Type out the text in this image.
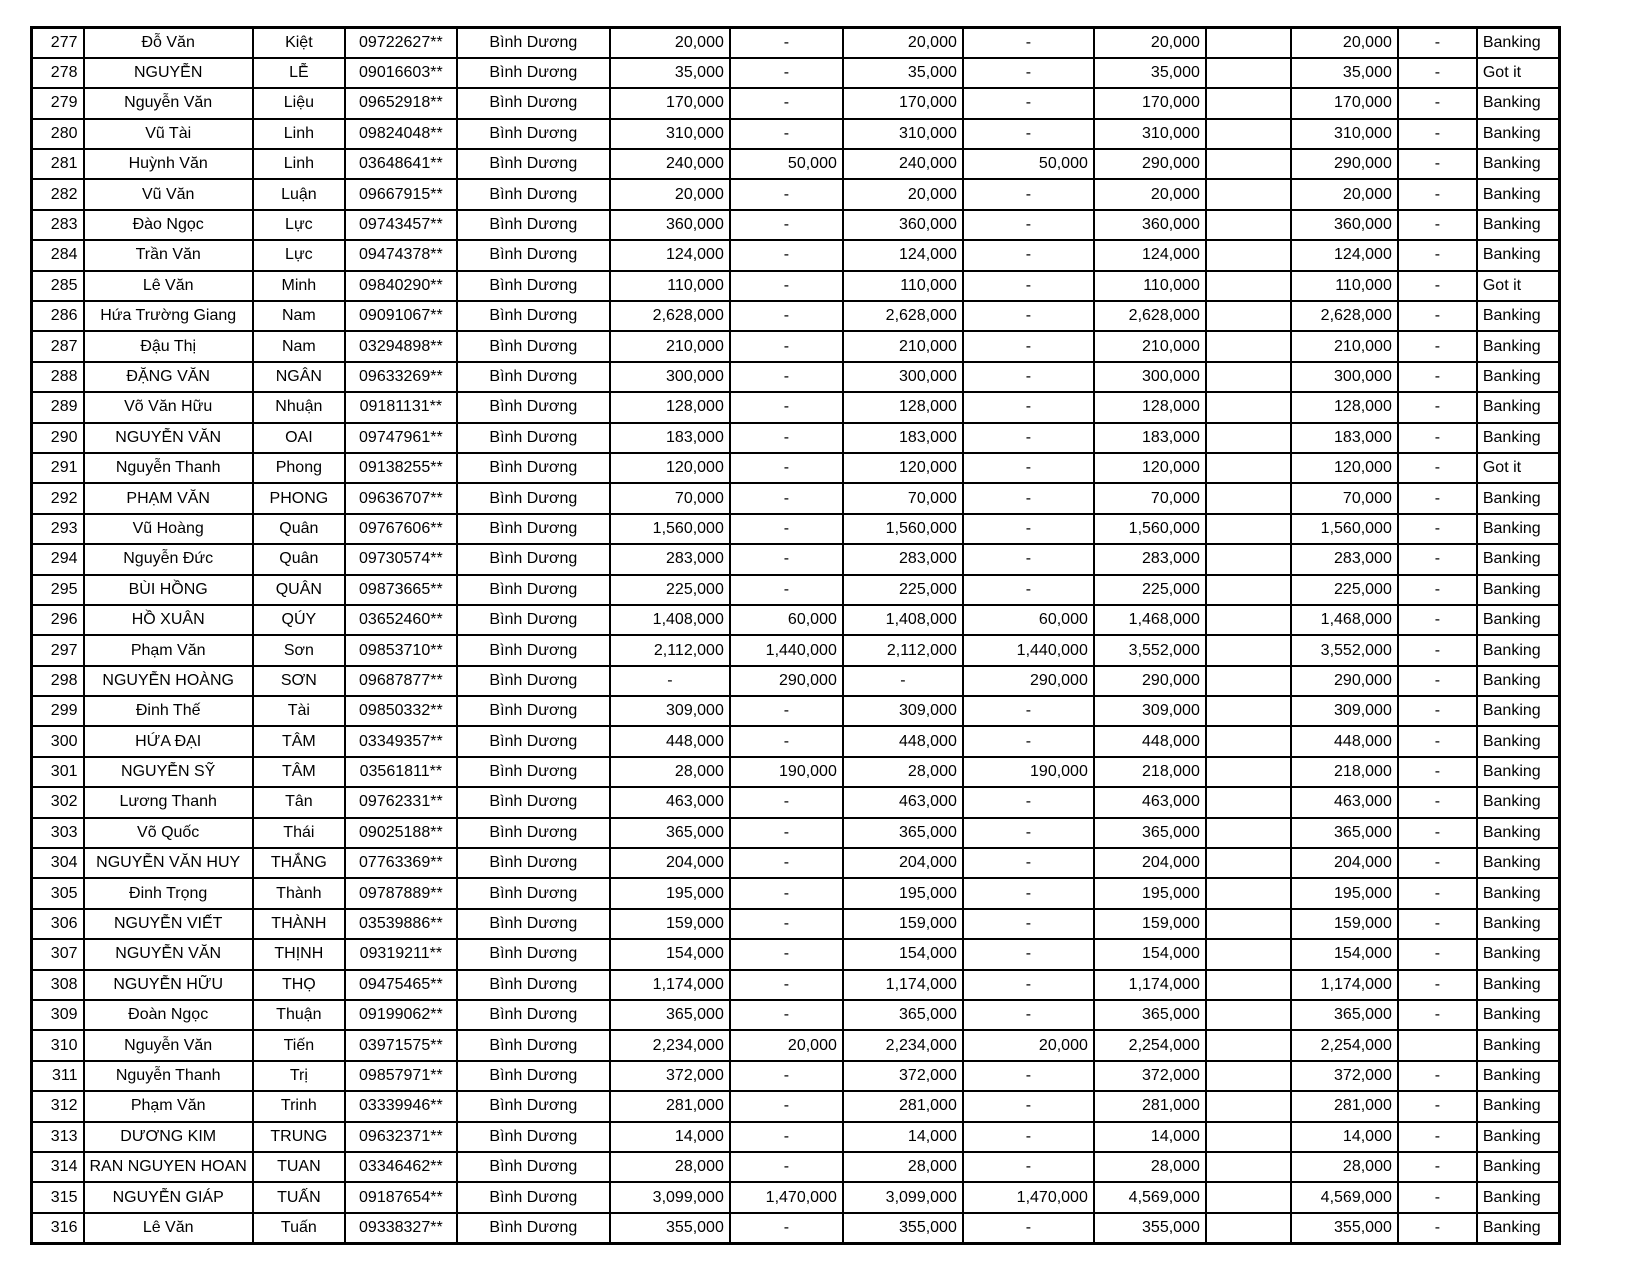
277	Đỗ Văn	Kiệt	09722627**	Bình Dương	20,000	-	20,000	-	20,000		20,000	-	Banking
278	NGUYỄN	LỄ	09016603**	Bình Dương	35,000	-	35,000	-	35,000		35,000	-	Got it
279	Nguyễn Văn	Liệu	09652918**	Bình Dương	170,000	-	170,000	-	170,000		170,000	-	Banking
280	Vũ Tài	Linh	09824048**	Bình Dương	310,000	-	310,000	-	310,000		310,000	-	Banking
281	Huỳnh Văn	Linh	03648641**	Bình Dương	240,000	50,000	240,000	50,000	290,000		290,000	-	Banking
282	Vũ Văn	Luận	09667915**	Bình Dương	20,000	-	20,000	-	20,000		20,000	-	Banking
283	Đào Ngọc	Lực	09743457**	Bình Dương	360,000	-	360,000	-	360,000		360,000	-	Banking
284	Trần Văn	Lực	09474378**	Bình Dương	124,000	-	124,000	-	124,000		124,000	-	Banking
285	Lê Văn	Minh	09840290**	Bình Dương	110,000	-	110,000	-	110,000		110,000	-	Got it
286	Hứa Trường Giang	Nam	09091067**	Bình Dương	2,628,000	-	2,628,000	-	2,628,000		2,628,000	-	Banking
287	Đậu Thị	Nam	03294898**	Bình Dương	210,000	-	210,000	-	210,000		210,000	-	Banking
288	ĐẶNG VĂN	NGÂN	09633269**	Bình Dương	300,000	-	300,000	-	300,000		300,000	-	Banking
289	Võ Văn Hữu	Nhuận	09181131**	Bình Dương	128,000	-	128,000	-	128,000		128,000	-	Banking
290	NGUYỄN VĂN	OAI	09747961**	Bình Dương	183,000	-	183,000	-	183,000		183,000	-	Banking
291	Nguyễn Thanh	Phong	09138255**	Bình Dương	120,000	-	120,000	-	120,000		120,000	-	Got it
292	PHẠM VĂN	PHONG	09636707**	Bình Dương	70,000	-	70,000	-	70,000		70,000	-	Banking
293	Vũ Hoàng	Quân	09767606**	Bình Dương	1,560,000	-	1,560,000	-	1,560,000		1,560,000	-	Banking
294	Nguyễn Đức	Quân	09730574**	Bình Dương	283,000	-	283,000	-	283,000		283,000	-	Banking
295	BÙI HỒNG	QUÂN	09873665**	Bình Dương	225,000	-	225,000	-	225,000		225,000	-	Banking
296	HỒ XUÂN	QÚY	03652460**	Bình Dương	1,408,000	60,000	1,408,000	60,000	1,468,000		1,468,000	-	Banking
297	Phạm Văn	Sơn	09853710**	Bình Dương	2,112,000	1,440,000	2,112,000	1,440,000	3,552,000		3,552,000	-	Banking
298	NGUYỄN HOÀNG	SƠN	09687877**	Bình Dương	-	290,000	-	290,000	290,000		290,000	-	Banking
299	Đinh Thế	Tài	09850332**	Bình Dương	309,000	-	309,000	-	309,000		309,000	-	Banking
300	HỨA ĐẠI	TÂM	03349357**	Bình Dương	448,000	-	448,000	-	448,000		448,000	-	Banking
301	NGUYỄN SỸ	TÂM	03561811**	Bình Dương	28,000	190,000	28,000	190,000	218,000		218,000	-	Banking
302	Lương Thanh	Tân	09762331**	Bình Dương	463,000	-	463,000	-	463,000		463,000	-	Banking
303	Võ Quốc	Thái	09025188**	Bình Dương	365,000	-	365,000	-	365,000		365,000	-	Banking
304	NGUYỄN VĂN HUY	THẮNG	07763369**	Bình Dương	204,000	-	204,000	-	204,000		204,000	-	Banking
305	Đinh Trọng	Thành	09787889**	Bình Dương	195,000	-	195,000	-	195,000		195,000	-	Banking
306	NGUYỄN VIẾT	THÀNH	03539886**	Bình Dương	159,000	-	159,000	-	159,000		159,000	-	Banking
307	NGUYỄN VĂN	THỊNH	09319211**	Bình Dương	154,000	-	154,000	-	154,000		154,000	-	Banking
308	NGUYỄN HỮU	THỌ	09475465**	Bình Dương	1,174,000	-	1,174,000	-	1,174,000		1,174,000	-	Banking
309	Đoàn Ngọc	Thuận	09199062**	Bình Dương	365,000	-	365,000	-	365,000		365,000	-	Banking
310	Nguyễn Văn	Tiến	03971575**	Bình Dương	2,234,000	20,000	2,234,000	20,000	2,254,000		2,254,000		Banking
311	Nguyễn Thanh	Trị	09857971**	Bình Dương	372,000	-	372,000	-	372,000		372,000	-	Banking
312	Phạm Văn	Trinh	03339946**	Bình Dương	281,000	-	281,000	-	281,000		281,000	-	Banking
313	DƯƠNG KIM	TRUNG	09632371**	Bình Dương	14,000	-	14,000	-	14,000		14,000	-	Banking
314	RAN NGUYEN HOAN	TUAN	03346462**	Bình Dương	28,000	-	28,000	-	28,000		28,000	-	Banking
315	NGUYỄN GIÁP	TUẤN	09187654**	Bình Dương	3,099,000	1,470,000	3,099,000	1,470,000	4,569,000		4,569,000	-	Banking
316	Lê Văn	Tuấn	09338327**	Bình Dương	355,000	-	355,000	-	355,000		355,000	-	Banking
